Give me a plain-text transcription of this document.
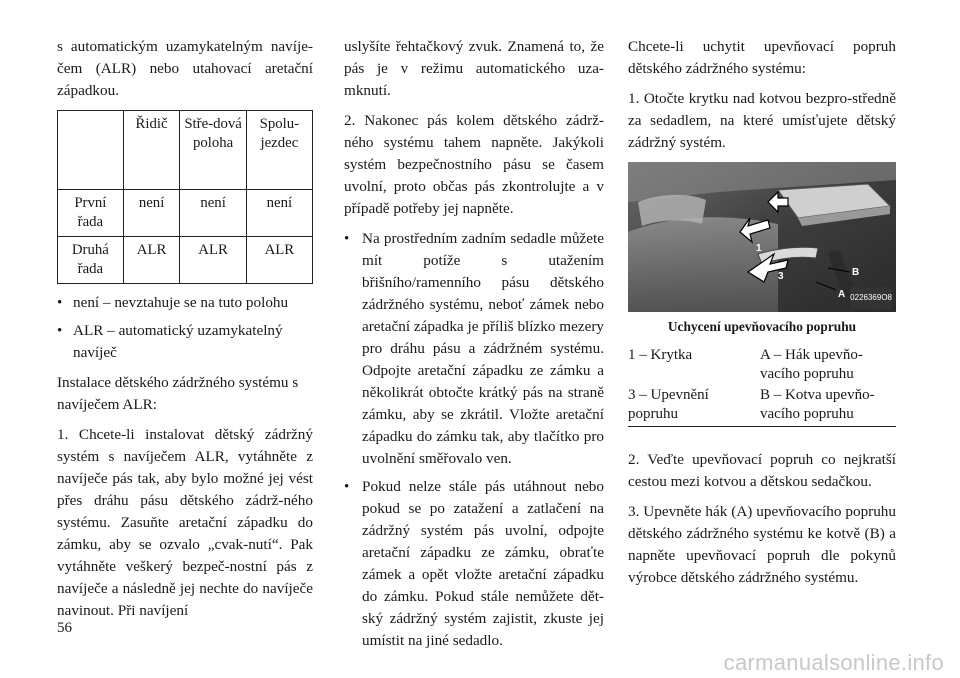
s automatickým uzamykatelným navíje-čem (ALR) nebo utahovací aretační západkou.

	Řidič	Stře-dová poloha	Spolu-jezdec
První řada	není	není	není
Druhá řada	ALR	ALR	ALR
• není – nevztahuje se na tuto polohu
• ALR – automatický uzamykatelný navíječ

Instalace dětského zádržného systému s navíječem ALR:

1. Chcete-li instalovat dětský zádržný systém s navíječem ALR, vytáhněte z navíječe pás tak, aby bylo možné jej vést přes dráhu pásu dětského zádrž-ného systému. Zasuňte aretační západku do zámku, aby se ozvalo „cvak-nutí“. Pak vytáhněte veškerý bezpeč-nostní pás z navíječe a následně jej nechte do navíječe navinout. Při navíjení

uslyšíte řehtačkový zvuk. Znamená to, že pás je v režimu automatického uza-mknutí.

2. Nakonec pás kolem dětského zádrž-ného systému tahem napněte. Jakýkoli systém bezpečnostního pásu se časem uvolní, proto občas pás zkontrolujte a v případě potřeby jej napněte.

• Na prostředním zadním sedadle můžete mít potíže s utažením břišního/ramenního pásu dětského zádržného systému, neboť zámek nebo aretační západka je příliš blízko mezery pro dráhu pásu a zádržném systému. Odpojte aretační západku ze zámku a několikrát obtočte krátký pás na straně zámku, aby se zkrátil. Vložte aretační západku do zámku tak, aby tlačítko pro uvolnění směřovalo ven.
• Pokud nelze stále pás utáhnout nebo pokud se po zatažení a zatlačení na zádržný systém pás uvolní, odpojte aretační západku ze zámku, obraťte zámek a opět vložte aretační západku do zámku. Pokud stále nemůžete dět-ský zádržný systém zajistit, zkuste jej umístit na jiné sedadlo.

Chcete-li uchytit upevňovací popruh dětského zádržného systému:

1. Otočte krytku nad kotvou bezpro-středně za sedadlem, na které umísťujete dětský zádržný systém.

1
3	B
A 0226369O8
Uchycení upevňovacího popruhu
1 – Krytka	A – Hák upevňo-vacího popruhu
3 – Upevnění popruhu	B – Kotva upevňo-vacího popruhu

2. Veďte upevňovací popruh co nejkratší cestou mezi kotvou a dětskou sedačkou.

3. Upevněte hák (A) upevňovacího popruhu dětského zádržného systému ke kotvě (B) a napněte upevňovací popruh dle pokynů výrobce dětského zádržného systému.

56
carmanualsonline.info
